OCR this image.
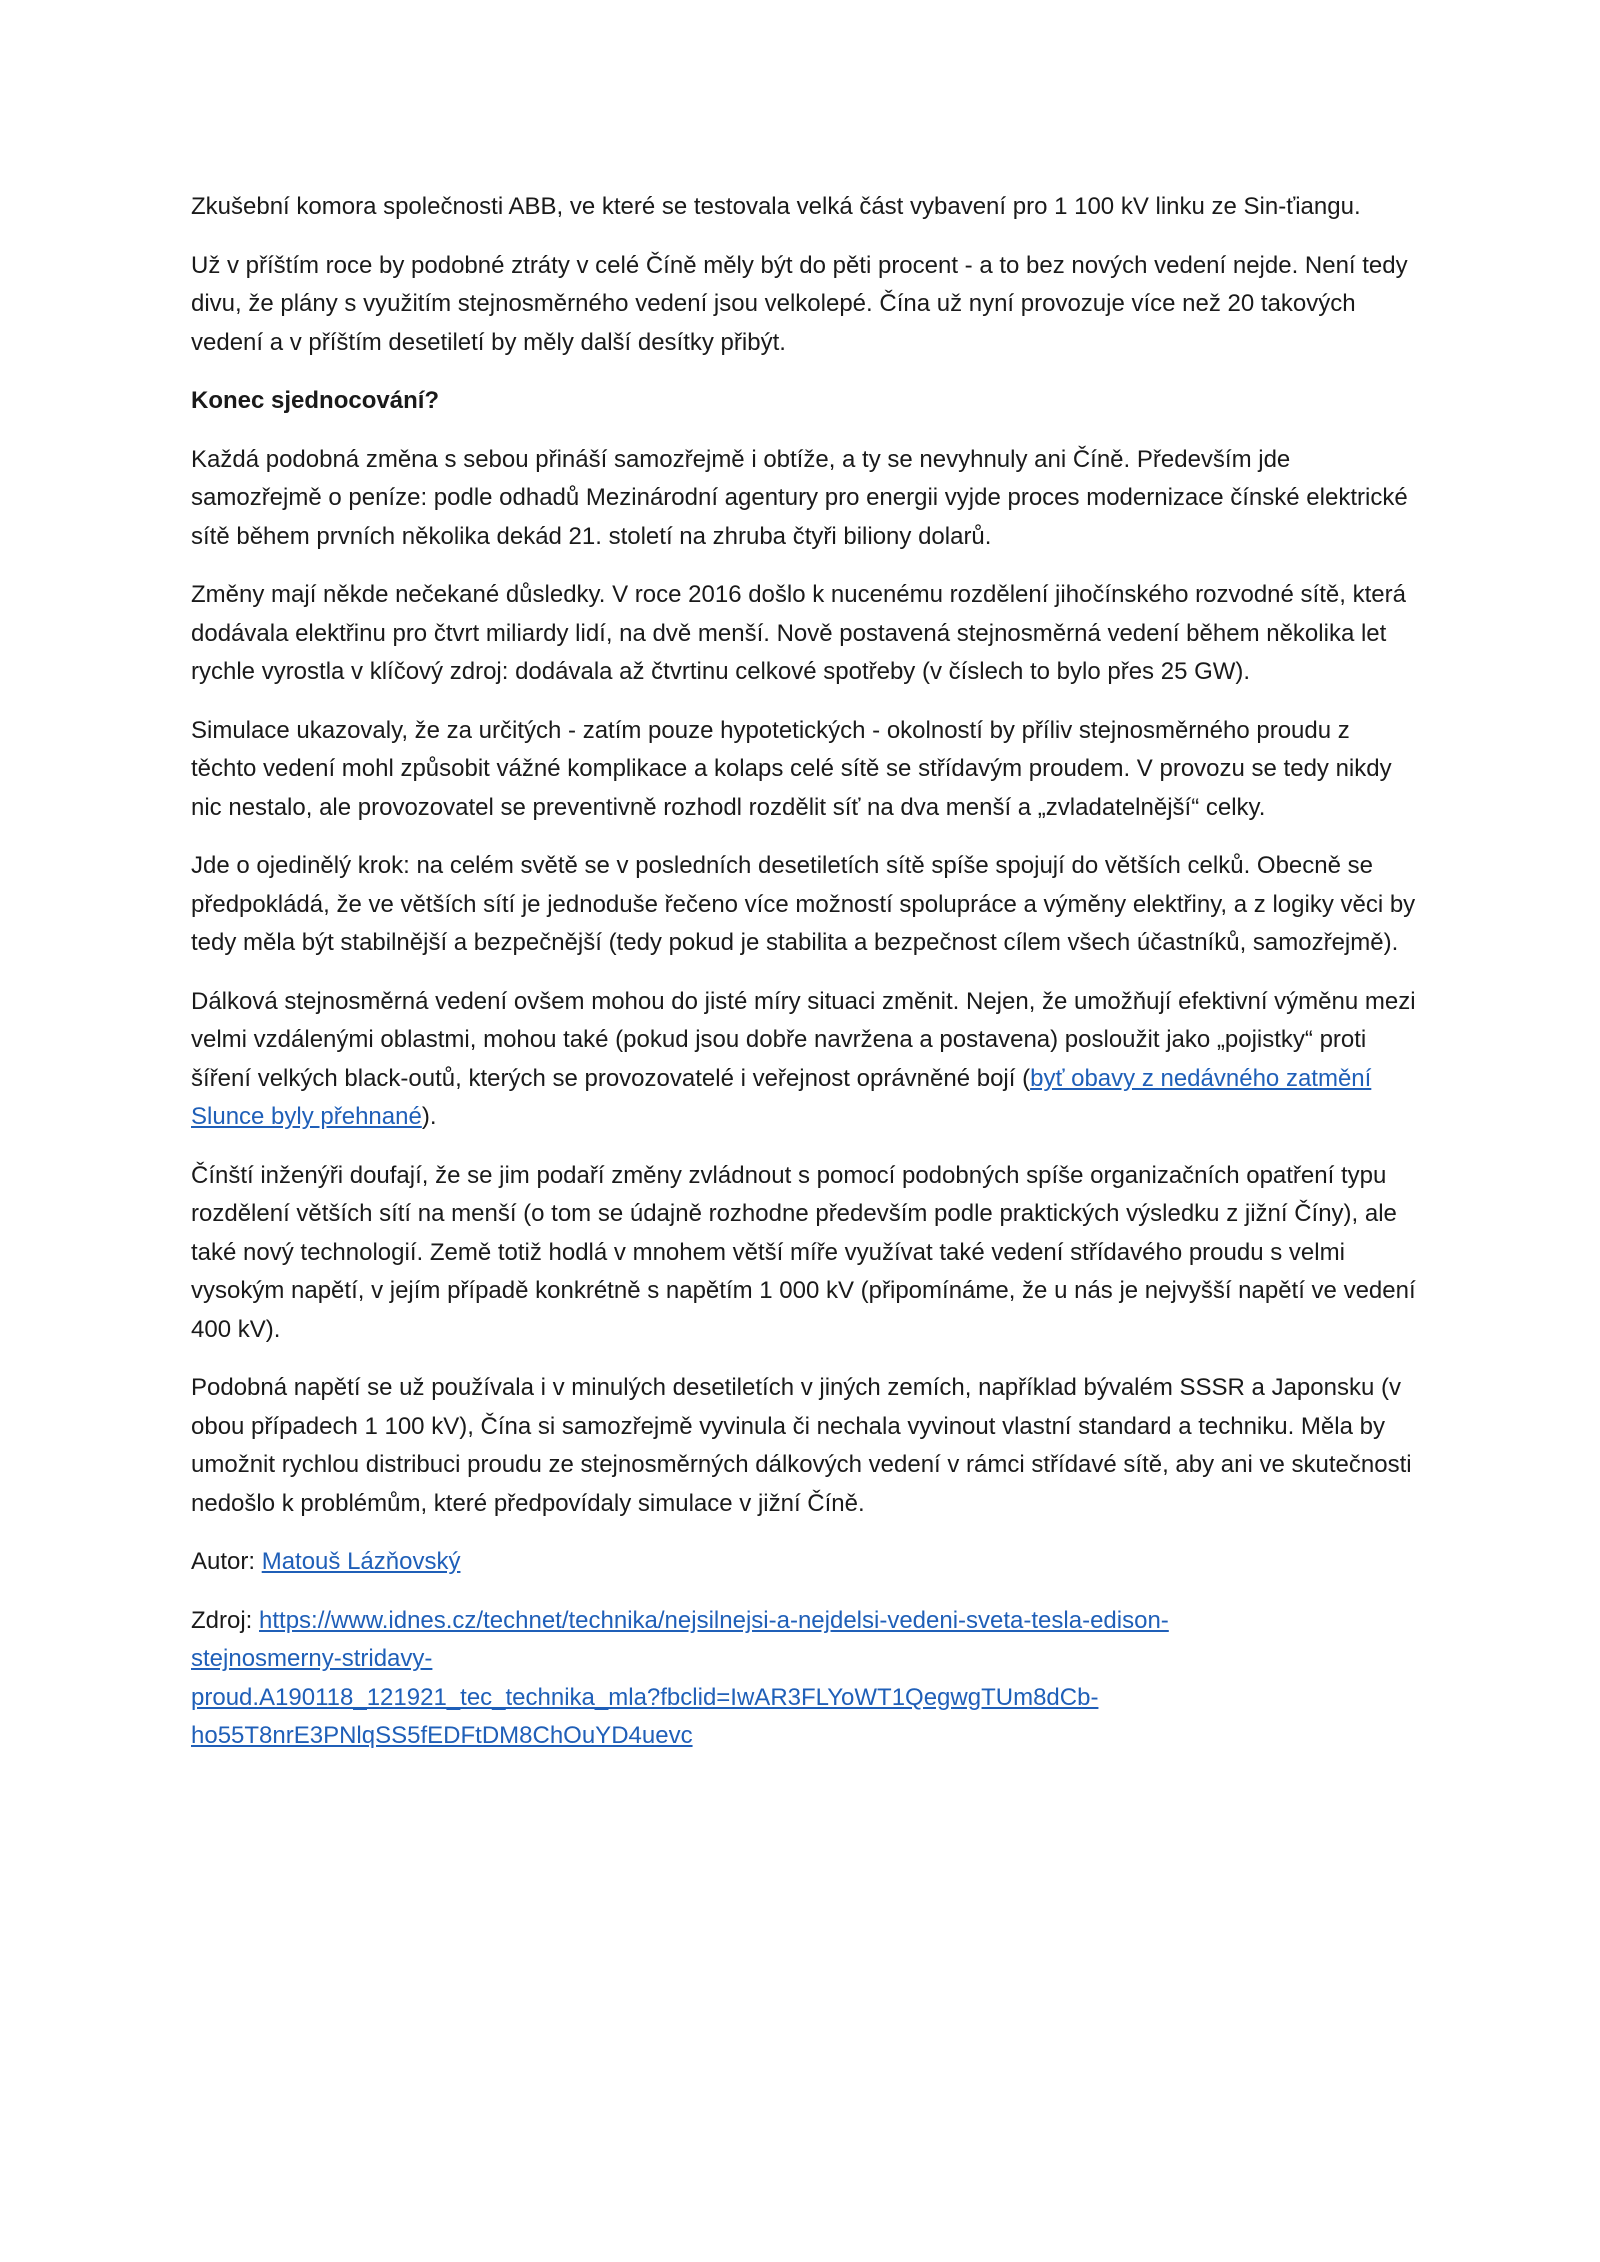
Zkušební komora společnosti ABB, ve které se testovala velká část vybavení pro 1 100 kV linku ze Sin-ťiangu.

Už v příštím roce by podobné ztráty v celé Číně měly být do pěti procent - a to bez nových vedení nejde. Není tedy divu, že plány s využitím stejnosměrného vedení jsou velkolepé. Čína už nyní provozuje více než 20 takových vedení a v příštím desetiletí by měly další desítky přibýt.

Konec sjednocování?

Každá podobná změna s sebou přináší samozřejmě i obtíže, a ty se nevyhnuly ani Číně. Především jde samozřejmě o peníze: podle odhadů Mezinárodní agentury pro energii vyjde proces modernizace čínské elektrické sítě během prvních několika dekád 21. století na zhruba čtyři biliony dolarů.

Změny mají někde nečekané důsledky. V roce 2016 došlo k nucenému rozdělení jihočínského rozvodné sítě, která dodávala elektřinu pro čtvrt miliardy lidí, na dvě menší. Nově postavená stejnosměrná vedení během několika let rychle vyrostla v klíčový zdroj: dodávala až čtvrtinu celkové spotřeby (v číslech to bylo přes 25 GW).

Simulace ukazovaly, že za určitých - zatím pouze hypotetických - okolností by příliv stejnosměrného proudu z těchto vedení mohl způsobit vážné komplikace a kolaps celé sítě se střídavým proudem. V provozu se tedy nikdy nic nestalo, ale provozovatel se preventivně rozhodl rozdělit síť na dva menší a „zvladatelnější“ celky.

Jde o ojedinělý krok: na celém světě se v posledních desetiletích sítě spíše spojují do větších celků. Obecně se předpokládá, že ve větších sítí je jednoduše řečeno více možností spolupráce a výměny elektřiny, a z logiky věci by tedy měla být stabilnější a bezpečnější (tedy pokud je stabilita a bezpečnost cílem všech účastníků, samozřejmě).

Dálková stejnosměrná vedení ovšem mohou do jisté míry situaci změnit. Nejen, že umožňují efektivní výměnu mezi velmi vzdálenými oblastmi, mohou také (pokud jsou dobře navržena a postavena) posloužit jako „pojistky“ proti šíření velkých black-outů, kterých se provozovatelé i veřejnost oprávněné bojí (byť obavy z nedávného zatmění Slunce byly přehnané).

Čínští inženýři doufají, že se jim podaří změny zvládnout s pomocí podobných spíše organizačních opatření typu rozdělení větších sítí na menší (o tom se údajně rozhodne především podle praktických výsledku z jižní Číny), ale také nový technologií. Země totiž hodlá v mnohem větší míře využívat také vedení střídavého proudu s velmi vysokým napětí, v jejím případě konkrétně s napětím 1 000 kV (připomínáme, že u nás je nejvyšší napětí ve vedení 400 kV).

Podobná napětí se už používala i v minulých desetiletích v jiných zemích, například bývalém SSSR a Japonsku (v obou případech 1 100 kV), Čína si samozřejmě vyvinula či nechala vyvinout vlastní standard a techniku. Měla by umožnit rychlou distribuci proudu ze stejnosměrných dálkových vedení v rámci střídavé sítě, aby ani ve skutečnosti nedošlo k problémům, které předpovídaly simulace v jižní Číně.

Autor: Matouš Lázňovský

Zdroj: https://www.idnes.cz/technet/technika/nejsilnejsi-a-nejdelsi-vedeni-sveta-tesla-edison-
stejnosmerny-stridavy-
proud.A190118_121921_tec_technika_mla?fbclid=IwAR3FLYoWT1QegwgTUm8dCb-
ho55T8nrE3PNlqSS5fEDFtDM8ChOuYD4uevc
